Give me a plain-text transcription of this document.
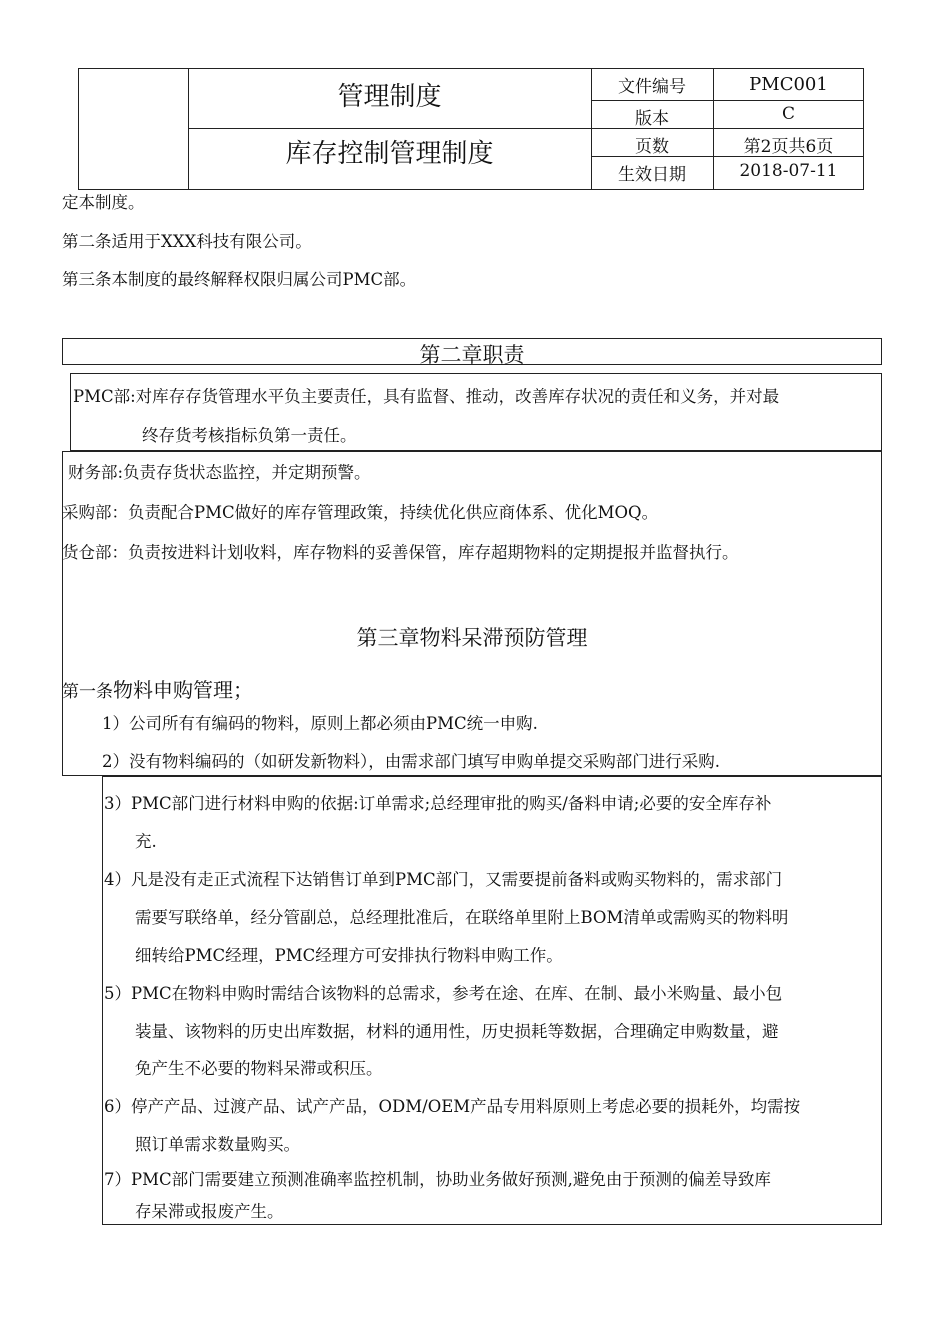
管理制度
库存控制管理制度
文件编号	PMC001
版本	C
页数	第2页共6页
生效日期	2018-07-11
定本制度。
第二条适用于XXX科技有限公司。
第三条本制度的最终解释权限归属公司PMC部。
第二章职责
PMC部:对库存存货管理水平负主要责任，具有监督、推动，改善库存状况的责任和义务，并对最
终存货考核指标负第一责任。
财务部:负责存货状态监控，并定期预警。
采购部：负责配合PMC做好的库存管理政策，持续优化供应商体系、优化MOQ。
货仓部：负责按进料计划收料，库存物料的妥善保管，库存超期物料的定期提报并监督执行。
第三章物料呆滞预防管理
第一条物料申购管理；
1）公司所有有编码的物料，原则上都必须由PMC统一申购.
2）没有物料编码的（如研发新物料），由需求部门填写申购单提交采购部门进行采购.
3）PMC部门进行材料申购的依据:订单需求;总经理审批的购买/备料申请;必要的安全库存补
充.
4）凡是没有走正式流程下达销售订单到PMC部门，又需要提前备料或购买物料的，需求部门
需要写联络单，经分管副总，总经理批准后，在联络单里附上BOM清单或需购买的物料明
细转给PMC经理，PMC经理方可安排执行物料申购工作。
5）PMC在物料申购时需结合该物料的总需求，参考在途、在库、在制、最小米购量、最小包
装量、该物料的历史出库数据，材料的通用性，历史损耗等数据，合理确定申购数量，避
免产生不必要的物料呆滞或积压。
6）停产产品、过渡产品、试产产品，ODM/OEM产品专用料原则上考虑必要的损耗外，均需按
照订单需求数量购买。
7）PMC部门需要建立预测准确率监控机制，协助业务做好预测,避免由于预测的偏差导致库
存呆滞或报废产生。
